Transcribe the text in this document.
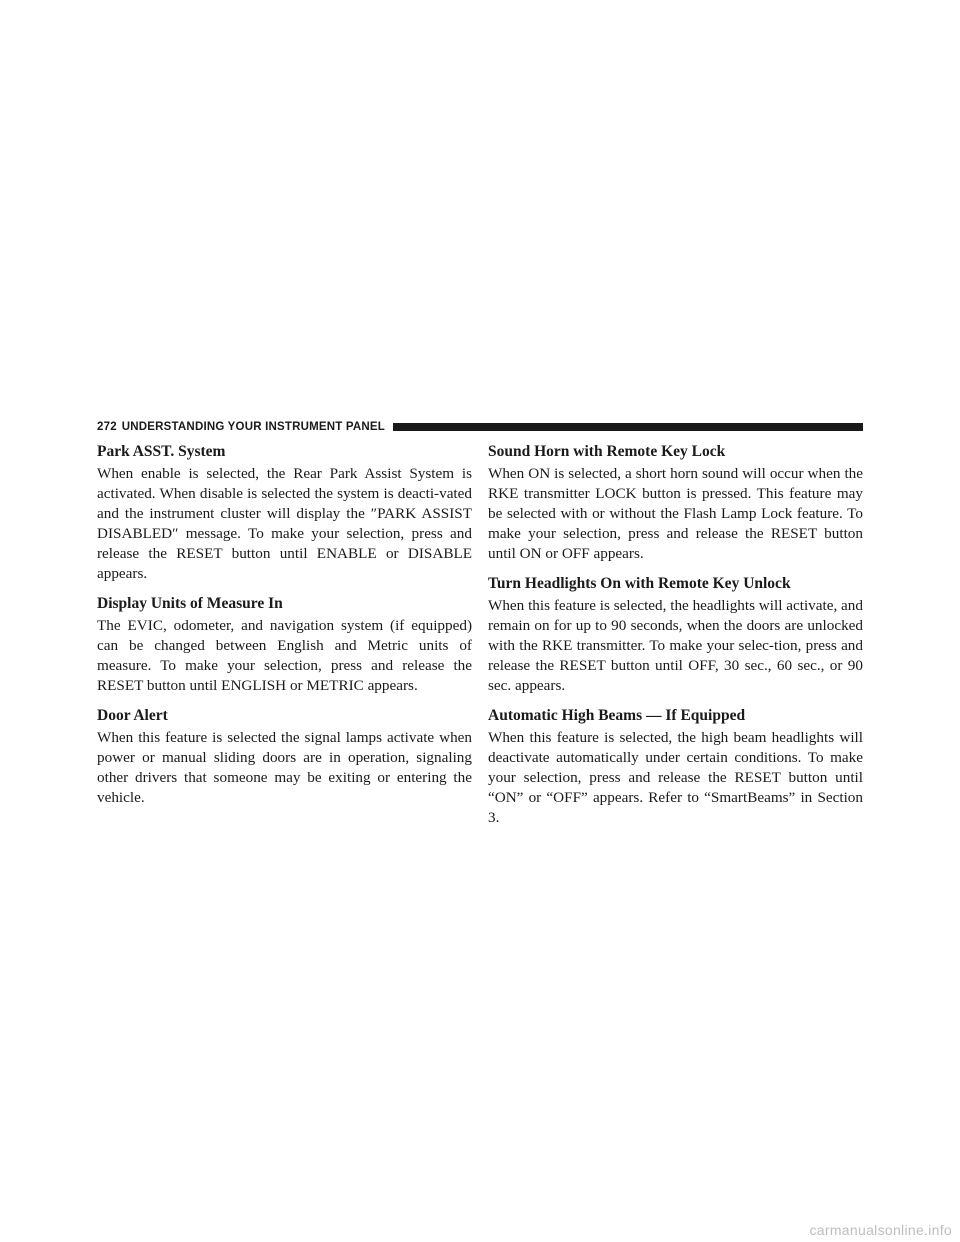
272 UNDERSTANDING YOUR INSTRUMENT PANEL
Park ASST. System

When enable is selected, the Rear Park Assist System is activated. When disable is selected the system is deacti-vated and the instrument cluster will display the ″PARK ASSIST DISABLED″ message. To make your selection, press and release the RESET button until ENABLE or DISABLE appears.

Display Units of Measure In

The EVIC, odometer, and navigation system (if equipped) can be changed between English and Metric units of measure. To make your selection, press and release the RESET button until ENGLISH or METRIC appears.

Door Alert

When this feature is selected the signal lamps activate when power or manual sliding doors are in operation, signaling other drivers that someone may be exiting or entering the vehicle.

Sound Horn with Remote Key Lock

When ON is selected, a short horn sound will occur when the RKE transmitter LOCK button is pressed. This feature may be selected with or without the Flash Lamp Lock feature. To make your selection, press and release the RESET button until ON or OFF appears.

Turn Headlights On with Remote Key Unlock

When this feature is selected, the headlights will activate, and remain on for up to 90 seconds, when the doors are unlocked with the RKE transmitter. To make your selec-tion, press and release the RESET button until OFF, 30 sec., 60 sec., or 90 sec. appears.

Automatic High Beams — If Equipped

When this feature is selected, the high beam headlights will deactivate automatically under certain conditions. To make your selection, press and release the RESET button until “ON” or “OFF” appears. Refer to “SmartBeams” in Section 3.

carmanualsonline.info
